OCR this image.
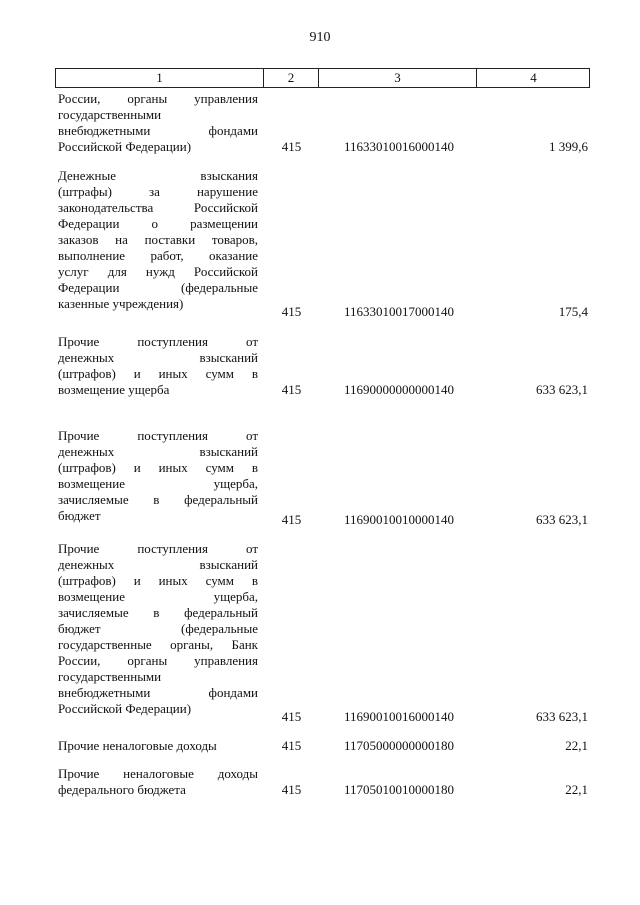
910
1	2	3	4
России, органы управления
государственными
внебюджетными фондами
Российской Федерации)	415	11633010016000140	1 399,6
Денежные взыскания
(штрафы) за нарушение
законодательства Российской
Федерации о размещении
заказов на поставки товаров,
выполнение работ, оказание
услуг для нужд Российской
Федерации (федеральные
казенные учреждения)
415	11633010017000140	175,4
Прочие поступления от
денежных взысканий
(штрафов) и иных сумм в
возмещение ущерба	415	11690000000000140	633 623,1
Прочие поступления от
денежных взысканий
(штрафов) и иных сумм в
возмещение ущерба,
зачисляемые в федеральный
бюджет	415	11690010010000140	633 623,1
Прочие поступления от
денежных взысканий
(штрафов) и иных сумм в
возмещение ущерба,
зачисляемые в федеральный
бюджет (федеральные
государственные органы, Банк
России, органы управления
государственными
внебюджетными фондами
Российской Федерации)
415	11690010016000140	633 623,1
Прочие неналоговые доходы	415	11705000000000180	22,1
Прочие неналоговые доходы
федерального бюджета	415	11705010010000180	22,1
